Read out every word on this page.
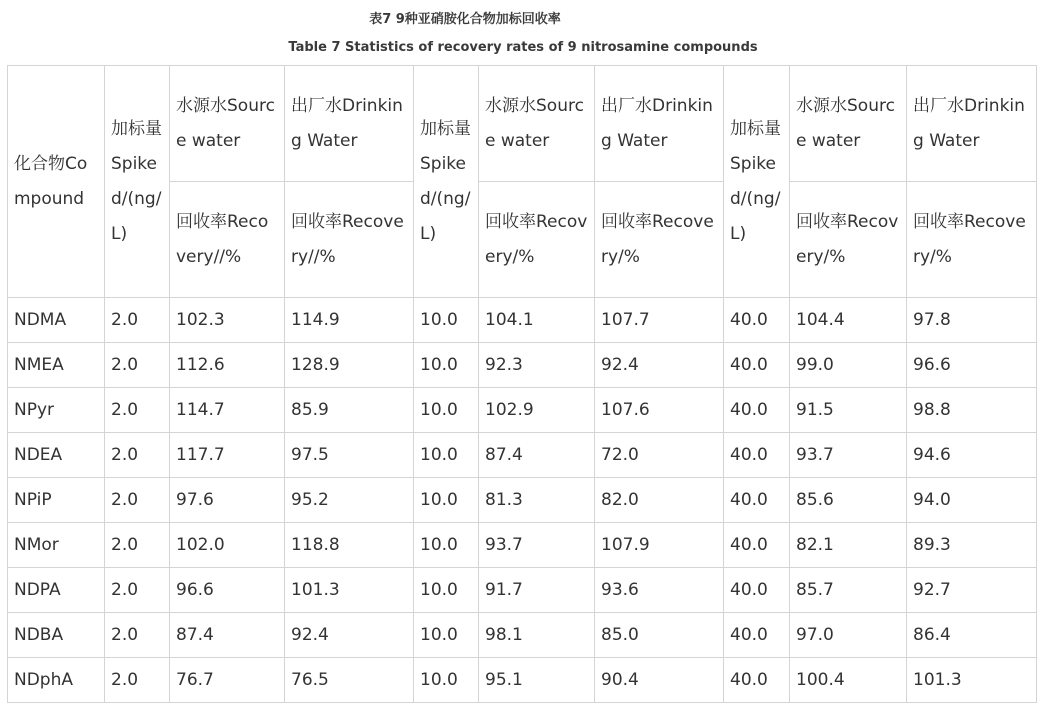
表7 9种亚硝胺化合物加标回收率
Table 7 Statistics of recovery rates of 9 nitrosamine compounds
化合物Compound	加标量Spiked/(ng/L)	水源水Source water	出厂水Drinking Water	加标量Spiked/(ng/L)	水源水Source water	出厂水Drinking Water	加标量Spiked/(ng/L)	水源水Source water	出厂水Drinking Water
		回收率Recovery//%	回收率Recovery//%		回收率Recovery/%	回收率Recovery/%		回收率Recovery/%	回收率Recovery/%
NDMA	2.0	102.3	114.9	10.0	104.1	107.7	40.0	104.4	97.8
NMEA	2.0	112.6	128.9	10.0	92.3	92.4	40.0	99.0	96.6
NPyr	2.0	114.7	85.9	10.0	102.9	107.6	40.0	91.5	98.8
NDEA	2.0	117.7	97.5	10.0	87.4	72.0	40.0	93.7	94.6
NPiP	2.0	97.6	95.2	10.0	81.3	82.0	40.0	85.6	94.0
NMor	2.0	102.0	118.8	10.0	93.7	107.9	40.0	82.1	89.3
NDPA	2.0	96.6	101.3	10.0	91.7	93.6	40.0	85.7	92.7
NDBA	2.0	87.4	92.4	10.0	98.1	85.0	40.0	97.0	86.4
NDphA	2.0	76.7	76.5	10.0	95.1	90.4	40.0	100.4	101.3
